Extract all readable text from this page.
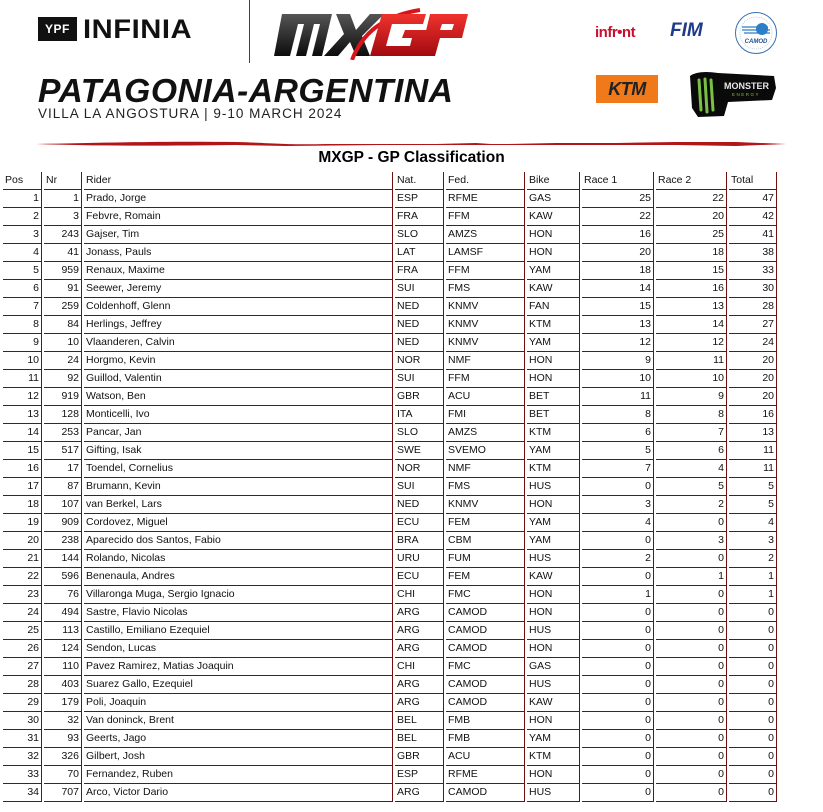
YPF INFINIA
PATAGONIA-ARGENTINA
VILLA LA ANGOSTURA | 9-10 MARCH 2024
infr•nt FIM
CAMOD
KTM	MONSTER
ENERGY
MXGP - GP Classification
Pos	Nr	Rider	Nat.	Fed.	Bike	Race 1	Race 2	Total
1	1	Prado, Jorge	ESP	RFME	GAS	25	22	47
2	3	Febvre, Romain	FRA	FFM	KAW	22	20	42
3	243	Gajser, Tim	SLO	AMZS	HON	16	25	41
4	41	Jonass, Pauls	LAT	LAMSF	HON	20	18	38
5	959	Renaux, Maxime	FRA	FFM	YAM	18	15	33
6	91	Seewer, Jeremy	SUI	FMS	KAW	14	16	30
7	259	Coldenhoff, Glenn	NED	KNMV	FAN	15	13	28
8	84	Herlings, Jeffrey	NED	KNMV	KTM	13	14	27
9	10	Vlaanderen, Calvin	NED	KNMV	YAM	12	12	24
10	24	Horgmo, Kevin	NOR	NMF	HON	9	11	20
11	92	Guillod, Valentin	SUI	FFM	HON	10	10	20
12	919	Watson, Ben	GBR	ACU	BET	11	9	20
13	128	Monticelli, Ivo	ITA	FMI	BET	8	8	16
14	253	Pancar, Jan	SLO	AMZS	KTM	6	7	13
15	517	Gifting, Isak	SWE	SVEMO	YAM	5	6	11
16	17	Toendel, Cornelius	NOR	NMF	KTM	7	4	11
17	87	Brumann, Kevin	SUI	FMS	HUS	0	5	5
18	107	van Berkel, Lars	NED	KNMV	HON	3	2	5
19	909	Cordovez, Miguel	ECU	FEM	YAM	4	0	4
20	238	Aparecido dos Santos, Fabio	BRA	CBM	YAM	0	3	3
21	144	Rolando, Nicolas	URU	FUM	HUS	2	0	2
22	596	Benenaula, Andres	ECU	FEM	KAW	0	1	1
23	76	Villaronga Muga, Sergio Ignacio	CHI	FMC	HON	1	0	1
24	494	Sastre, Flavio Nicolas	ARG	CAMOD	HON	0	0	0
25	113	Castillo, Emiliano Ezequiel	ARG	CAMOD	HUS	0	0	0
26	124	Sendon, Lucas	ARG	CAMOD	HON	0	0	0
27	110	Pavez Ramirez, Matias Joaquin	CHI	FMC	GAS	0	0	0
28	403	Suarez Gallo, Ezequiel	ARG	CAMOD	HUS	0	0	0
29	179	Poli, Joaquin	ARG	CAMOD	KAW	0	0	0
30	32	Van doninck, Brent	BEL	FMB	HON	0	0	0
31	93	Geerts, Jago	BEL	FMB	YAM	0	0	0
32	326	Gilbert, Josh	GBR	ACU	KTM	0	0	0
33	70	Fernandez, Ruben	ESP	RFME	HON	0	0	0
34	707	Arco, Victor Dario	ARG	CAMOD	HUS	0	0	0
